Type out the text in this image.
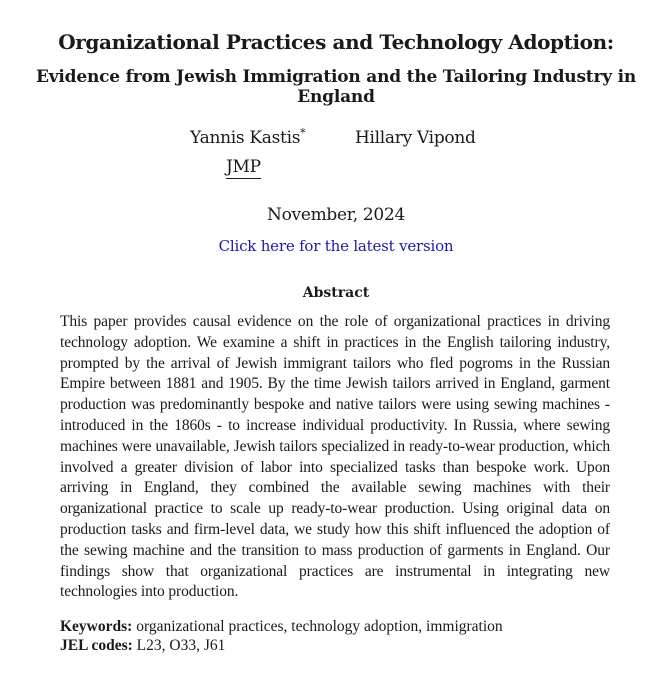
Organizational Practices and Technology Adoption:
Evidence from Jewish Immigration and the Tailoring Industry in England
Yannis Kastis*	Hillary Vipond
JMP
November, 2024
Click here for the latest version
Abstract

This paper provides causal evidence on the role of organizational practices in driving technology adoption. We examine a shift in practices in the English tailoring industry, prompted by the arrival of Jewish immigrant tailors who fled pogroms in the Russian Empire between 1881 and 1905. By the time Jewish tailors arrived in England, garment production was predominantly bespoke and native tailors were using sewing machines - introduced in the 1860s - to increase individual productivity. In Russia, where sewing machines were unavailable, Jewish tailors specialized in ready-to-wear production, which involved a greater division of labor into specialized tasks than bespoke work. Upon arriving in England, they combined the available sewing machines with their organizational practice to scale up ready-to-wear production. Using original data on production tasks and firm-level data, we study how this shift influenced the adoption of the sewing machine and the transition to mass production of garments in England. Our findings show that organizational practices are instrumental in integrating new technologies into production.

Keywords: organizational practices, technology adoption, immigration
JEL codes: L23, O33, J61
